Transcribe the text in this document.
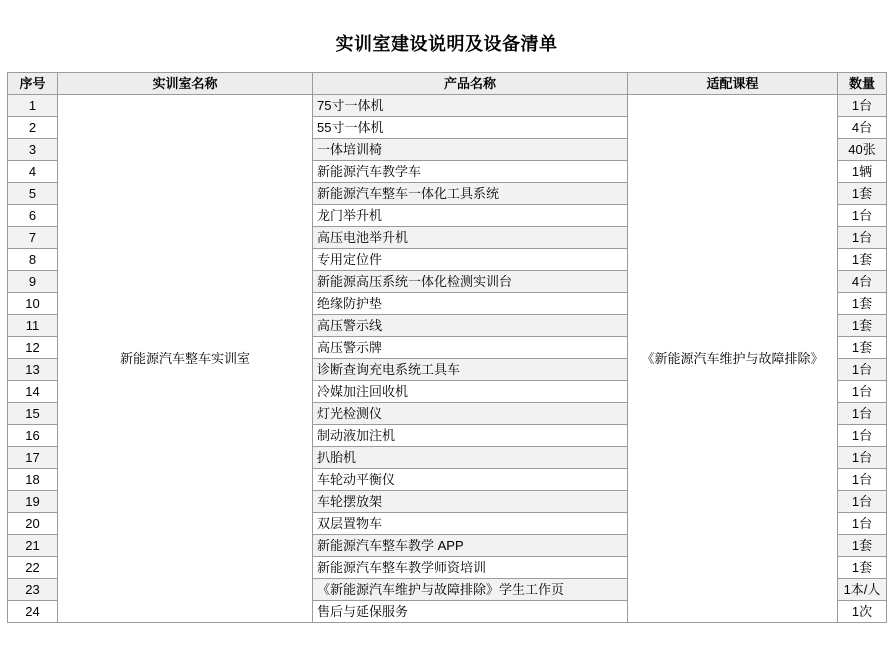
实训室建设说明及设备清单
序号	实训室名称	产品名称	适配课程	数量
1	新能源汽车整车实训室	75寸一体机	《新能源汽车维护与故障排除》	1台
2		55寸一体机		4台
3		一体培训椅		40张
4		新能源汽车教学车		1辆
5		新能源汽车整车一体化工具系统		1套
6		龙门举升机		1台
7		高压电池举升机		1台
8		专用定位件		1套
9		新能源高压系统一体化检测实训台		4台
10		绝缘防护垫		1套
11		高压警示线		1套
12		高压警示牌		1套
13		诊断查询充电系统工具车		1台
14		冷媒加注回收机		1台
15		灯光检测仪		1台
16		制动液加注机		1台
17		扒胎机		1台
18		车轮动平衡仪		1台
19		车轮摆放架		1台
20		双层置物车		1台
21		新能源汽车整车教学 APP		1套
22		新能源汽车整车教学师资培训		1套
23		《新能源汽车维护与故障排除》学生工作页		1本/人
24		售后与延保服务		1次
